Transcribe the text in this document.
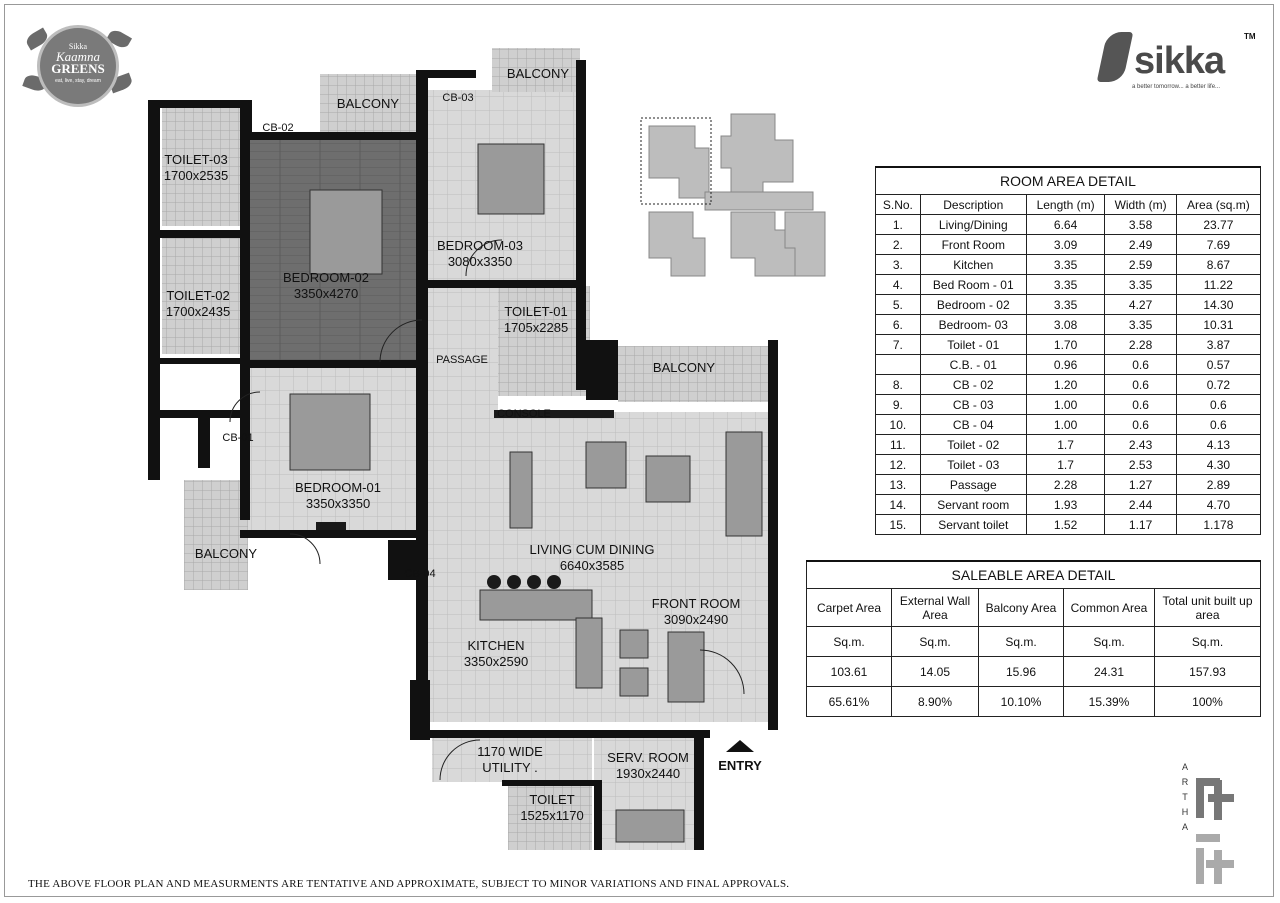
Sikka
Kaamna
GREENS
eat, live, stay, dream	sikka
TM
a better tomorrow... a better life...
TOILET-03
1700x2535
CB-02
BALCONY	CB-03
BALCONY
BEDROOM-02
3350x4270
BEDROOM-03
3080x3350
TOILET-02
1700x2435	TOILET-01
1705x2285
PASSAGE	BALCONY
CONSOLE
CB-01
BEDROOM-01
3350x3350
BALCONY	LIVING CUM DINING
6640x3585
CB-04
FRONT ROOM
3090x2490
KITCHEN
3350x2590
1170 WIDE
UTILITY .
SERV. ROOM
1930x2440
TOILET
1525x1170
ENTRY
ROOM AREA DETAIL				
S.No.	Description	Length (m)	Width (m)	Area (sq.m)
1.	Living/Dining	6.64	3.58	23.77
2.	Front Room	3.09	2.49	7.69
3.	Kitchen	3.35	2.59	8.67
4.	Bed Room - 01	3.35	3.35	11.22
5.	Bedroom - 02	3.35	4.27	14.30
6.	Bedroom- 03	3.08	3.35	10.31
7.	Toilet - 01	1.70	2.28	3.87
	C.B. - 01	0.96	0.6	0.57
8.	CB - 02	1.20	0.6	0.72
9.	CB - 03	1.00	0.6	0.6
10.	CB - 04	1.00	0.6	0.6
11.	Toilet - 02	1.7	2.43	4.13
12.	Toilet - 03	1.7	2.53	4.30
13.	Passage	2.28	1.27	2.89
14.	Servant room	1.93	2.44	4.70
15.	Servant toilet	1.52	1.17	1.178
SALEABLE AREA DETAIL				
Carpet Area	External Wall Area	Balcony Area	Common Area	Total unit built up area
Sq.m.	Sq.m.	Sq.m.	Sq.m.	Sq.m.
103.61	14.05	15.96	24.31	157.93
65.61%	8.90%	10.10%	15.39%	100%
A
R
T
H
A
THE ABOVE FLOOR PLAN AND MEASURMENTS ARE TENTATIVE AND APPROXIMATE, SUBJECT TO MINOR VARIATIONS AND FINAL APPROVALS.
